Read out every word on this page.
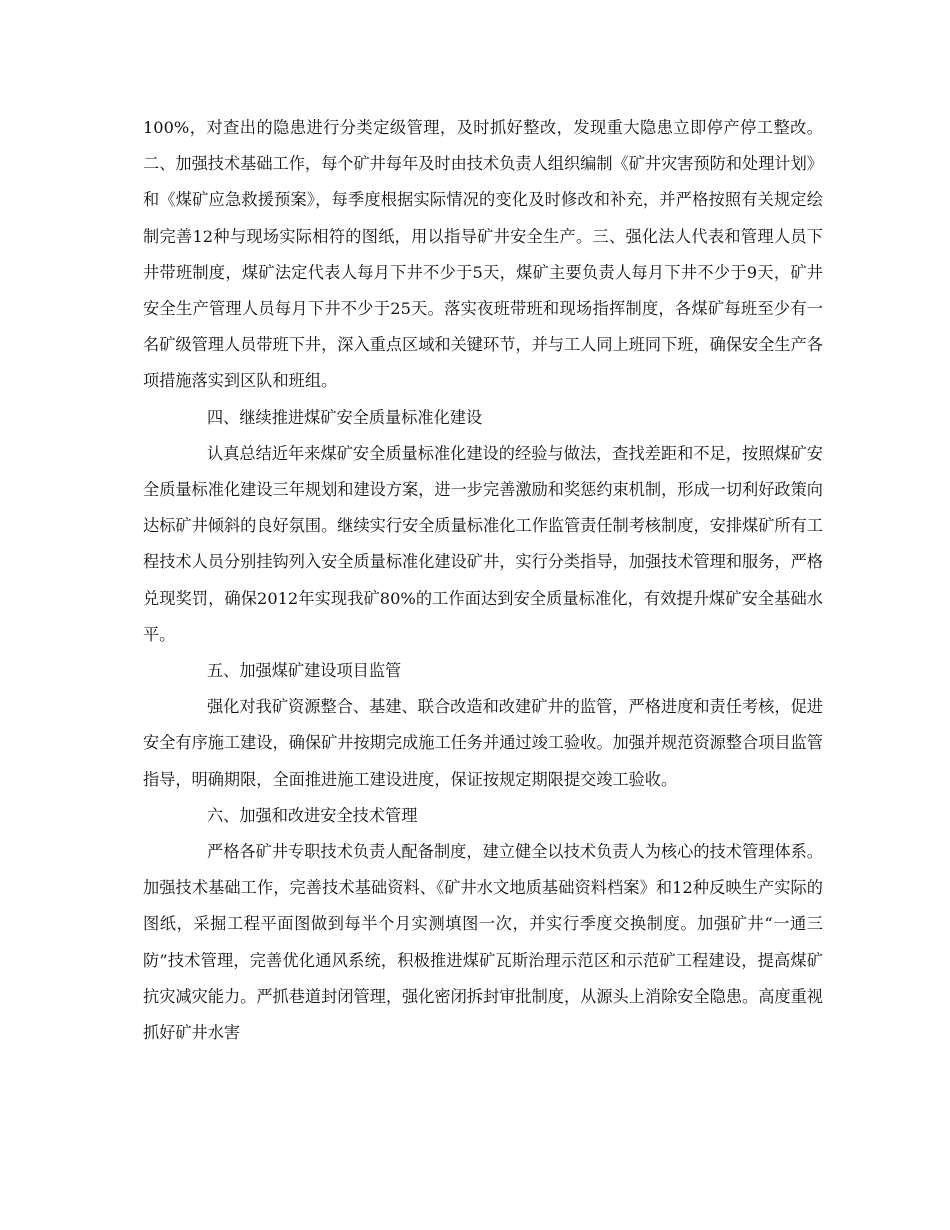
100%，对查出的隐患进行分类定级管理，及时抓好整改，发现重大隐患立即停产停工整改。二、加强技术基础工作，每个矿井每年及时由技术负责人组织编制《矿井灾害预防和处理计划》和《煤矿应急救援预案》，每季度根据实际情况的变化及时修改和补充，并严格按照有关规定绘制完善12种与现场实际相符的图纸，用以指导矿井安全生产。三、强化法人代表和管理人员下井带班制度，煤矿法定代表人每月下井不少于5天，煤矿主要负责人每月下井不少于9天，矿井安全生产管理人员每月下井不少于25天。落实夜班带班和现场指挥制度，各煤矿每班至少有一名矿级管理人员带班下井，深入重点区域和关键环节，并与工人同上班同下班，确保安全生产各项措施落实到区队和班组。

四、继续推进煤矿安全质量标准化建设

认真总结近年来煤矿安全质量标准化建设的经验与做法，查找差距和不足，按照煤矿安全质量标准化建设三年规划和建设方案，进一步完善激励和奖惩约束机制，形成一切利好政策向达标矿井倾斜的良好氛围。继续实行安全质量标准化工作监管责任制考核制度，安排煤矿所有工程技术人员分别挂钩列入安全质量标准化建设矿井，实行分类指导，加强技术管理和服务，严格兑现奖罚，确保2012年实现我矿80%的工作面达到安全质量标准化，有效提升煤矿安全基础水平。

五、加强煤矿建设项目监管

强化对我矿资源整合、基建、联合改造和改建矿井的监管，严格进度和责任考核，促进安全有序施工建设，确保矿井按期完成施工任务并通过竣工验收。加强并规范资源整合项目监管指导，明确期限，全面推进施工建设进度，保证按规定期限提交竣工验收。

六、加强和改进安全技术管理

严格各矿井专职技术负责人配备制度，建立健全以技术负责人为核心的技术管理体系。加强技术基础工作，完善技术基础资料、《矿井水文地质基础资料档案》和12种反映生产实际的图纸，采掘工程平面图做到每半个月实测填图一次，并实行季度交换制度。加强矿井“一通三防”技术管理，完善优化通风系统，积极推进煤矿瓦斯治理示范区和示范矿工程建设，提高煤矿抗灾减灾能力。严抓巷道封闭管理，强化密闭拆封审批制度，从源头上消除安全隐患。高度重视抓好矿井水害
